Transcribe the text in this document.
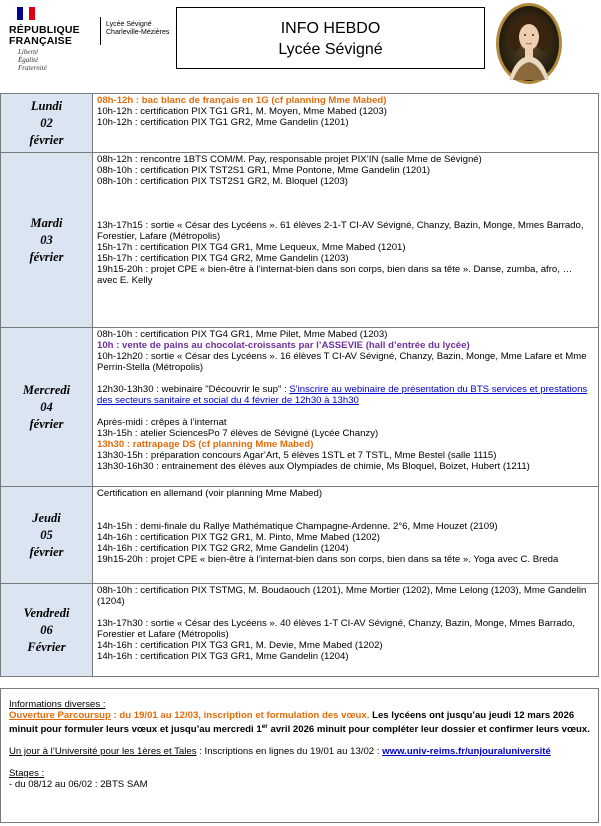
RÉPUBLIQUE
FRANÇAISE
Liberté
Égalité
Fraternité
Lycée Sévigné
Charleville-Mézières	INFO HEBDO
Lycée Sévigné
Lundi
02
février
08h-12h : bac blanc de français en 1G (cf planning Mme Mabed)
10h-12h : certification PIX TG1 GR1, M. Moyen, Mme Mabed (1203)
10h-12h : certification PIX TG1 GR2, Mme Gandelin (1201)
Mardi
03
février
08h-12h : rencontre 1BTS COM/M. Pay, responsable projet PIX’IN (salle Mme de Sévigné)
08h-10h : certification PIX TST2S1 GR1, Mme Pontone, Mme Gandelin (1201)
08h-10h : certification PIX TST2S1 GR2, M. Bloquel (1203)
13h-17h15 : sortie « César des Lycéens ». 61 élèves 2-1-T CI-AV Sévigné, Chanzy, Bazin, Monge, Mmes Barrado, Forestier, Lafare (Métropolis)
15h-17h : certification PIX TG4 GR1, Mme Lequeux, Mme Mabed (1201)
15h-17h : certification PIX TG4 GR2, Mme Gandelin (1203)
19h15-20h : projet CPE « bien-être à l’internat-bien dans son corps, bien dans sa tête ». Danse, zumba, afro, … avec E. Kelly
Mercredi
04
février
08h-10h : certification PIX TG4 GR1, Mme Pilet, Mme Mabed (1203)
10h : vente de pains au chocolat-croissants par l’ASSEVIE (hall d’entrée du lycée)
10h-12h20 : sortie « César des Lycéens ». 16 élèves T CI-AV Sévigné, Chanzy, Bazin, Monge, Mme Lafare et Mme Perrin-Stella (Métropolis)
12h30-13h30 : webinaire "Découvrir le sup" : S'inscrire au webinaire de présentation du BTS services et prestations des secteurs sanitaire et social du 4 février de 12h30 à 13h30
Après-midi : crêpes à l’internat
13h-15h : atelier SciencesPo 7 élèves de Sévigné (Lycée Chanzy)
13h30 : rattrapage DS (cf planning Mme Mabed)
13h30-15h : préparation concours Agar’Art, 5 élèves 1STL et 7 TSTL, Mme Bestel (salle 1115)
13h30-16h30 : entrainement des élèves aux Olympiades de chimie, Ms Bloquel, Boizet, Hubert (1211)
Jeudi
05
février
Certification en allemand (voir planning Mme Mabed)
14h-15h : demi-finale du Rallye Mathématique Champagne-Ardenne. 2°6, Mme Houzet (2109)
14h-16h : certification PIX TG2 GR1, M. Pinto, Mme Mabed (1202)
14h-16h : certification PIX TG2 GR2, Mme Gandelin (1204)
19h15-20h : projet CPE « bien-être à l’internat-bien dans son corps, bien dans sa tête ». Yoga avec C. Breda
Vendredi
06
Février
08h-10h : certification PIX TSTMG, M. Boudaouch (1201), Mme Mortier (1202), Mme Lelong (1203), Mme Gandelin (1204)
13h-17h30 : sortie « César des Lycéens ». 40 élèves 1-T CI-AV Sévigné, Chanzy, Bazin, Monge, Mmes Barrado, Forestier et Lafare (Métropolis)
14h-16h : certification PIX TG3 GR1, M. Devie, Mme Mabed (1202)
14h-16h : certification PIX TG3 GR1, Mme Gandelin (1204)
Informations diverses :
Ouverture Parcoursup : du 19/01 au 12/03, inscription et formulation des vœux. Les lycéens ont jusqu’au jeudi 12 mars 2026 minuit pour formuler leurs vœux et jusqu’au mercredi 1er avril 2026 minuit pour compléter leur dossier et confirmer leurs vœux.
Un jour à l’Université pour les 1ères et Tales : Inscriptions en lignes du 19/01 au 13/02 : www.univ-reims.fr/unjouraluniversité
Stages :
- du 08/12 au 06/02 : 2BTS SAM
